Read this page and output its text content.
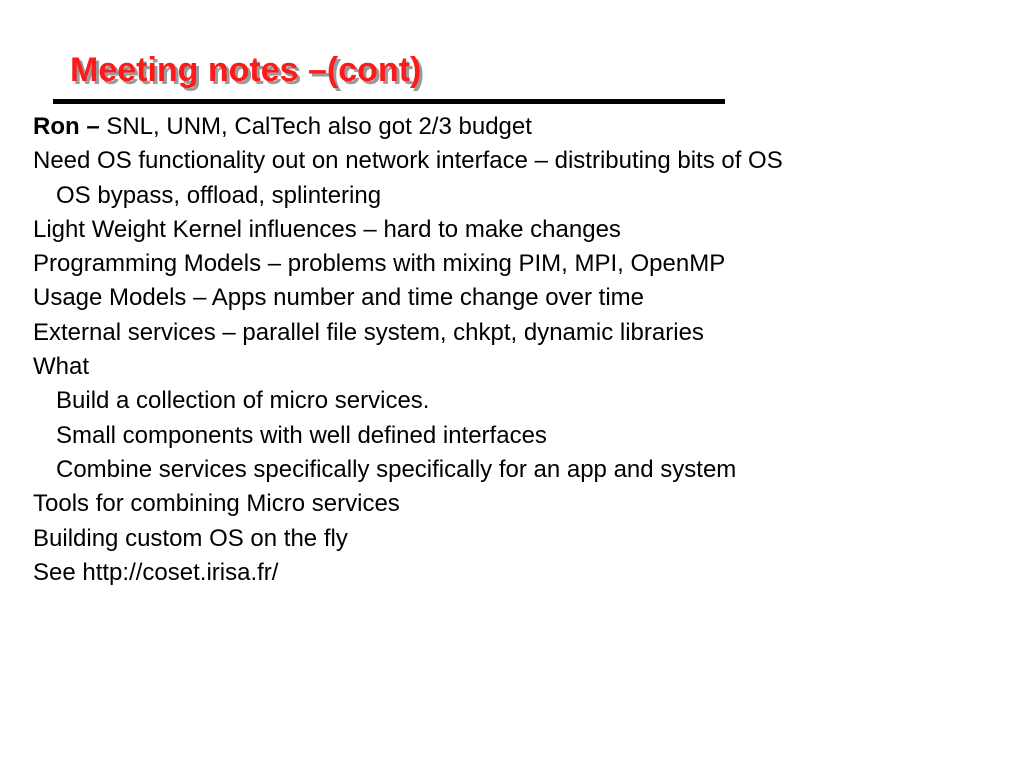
Meeting notes –(cont)
Ron – SNL, UNM, CalTech also got 2/3 budget
Need OS functionality out on network interface – distributing bits of OS
OS bypass, offload, splintering
Light Weight Kernel influences – hard to make changes
Programming Models – problems with mixing PIM, MPI, OpenMP
Usage Models – Apps number and time change over time
External services – parallel file system, chkpt, dynamic libraries
What
Build a collection of micro services.
Small components with well defined interfaces
Combine services specifically specifically for an app and system
Tools for combining Micro services
Building custom OS on the fly
See http://coset.irisa.fr/
